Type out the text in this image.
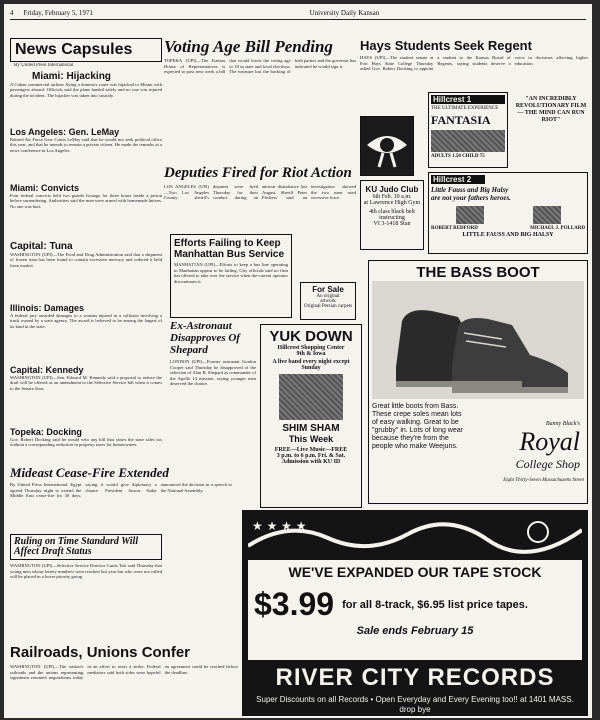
4 Friday, February 5, 1971	University Daily Kansan
News Capsules
By United Press International
Miami: Hijacking
A Cuban commercial airliner flying a domestic route was hijacked to Miami with passengers aboard. Officials said the plane landed safely and no one was injured during the incident. The hijacker was taken into custody.
Los Angeles: Gen. LeMay
Retired Air Force Gen. Curtis LeMay said that he would not seek political office this year, and that he intends to remain a private citizen. He made the remarks at a news conference in Los Angeles.
Miami: Convicts
Four federal convicts held two guards hostage for three hours inside a prison before surrendering. Authorities said the men were armed with homemade knives. No one was hurt.
Capital: Tuna
WASHINGTON (UPI)—The Food and Drug Administration said that a shipment of frozen tuna has been found to contain excessive mercury and ordered it held from market.
Illinois: Damages
A federal jury awarded damages to a woman injured in a collision involving a truck owned by a state agency. The award is believed to be among the largest of its kind in the state.
Capital: Kennedy
WASHINGTON (UPI)—Sen. Edward M. Kennedy said a proposal to reduce the draft will be offered as an amendment to the Selective Service bill when it comes to the Senate floor.
Topeka: Docking
Gov. Robert Docking said he would veto any bill that raises the state sales tax without a corresponding reduction in property taxes for homeowners.
Mideast Cease-Fire Extended
By United Press International. Egypt agreed Thursday night to extend the Middle East cease-fire for 30 days, saying it would give diplomacy a chance. President Anwar Sadat announced the decision in a speech to the National Assembly.
Ruling on Time Standard Will Affect Draft Status
WASHINGTON (UPI)—Selective Service Director Curtis Tarr said Thursday that young men whose lottery numbers were reached last year but who were not called will be placed in a lower priority group.
Railroads, Unions Confer
WASHINGTON (UPI)—The nation's railroads and the unions representing signalmen resumed negotiations today in an effort to avert a strike. Federal mediators said both sides were hopeful an agreement could be reached before the deadline.
Voting Age Bill Pending
TOPEKA (UPI)—The Kansas House of Representatives is expected to pass next week a bill that would lower the voting age to 18 in state and local elections. The measure has the backing of both parties and the governor has indicated he would sign it.
Hays Students Seek Regent
HAYS (UPI)—The student senate at Fort Hays State College Thursday asked Gov. Robert Docking to appoint a student to the Kansas Board of Regents, saying students deserve a voice in decisions affecting higher education.
KU Judo Club
6th Feb. 10 a.m.
at Lawrence High Gym
4th class black belt
instructing
VI 3-1418 Stan
Deputies Fired for Riot Action
LOS ANGELES (UPI)—Two Los Angeles County sheriff's deputies were fired Thursday for their conduct during an antiwar disturbance last August. Sheriff Peter Pitchess said an investigation showed the two men used excessive force.
Efforts Failing to Keep Manhattan Bus Service
MANHATTAN (UPI)—Efforts to keep a bus line operating in Manhattan appear to be failing. City officials said no firm has offered to take over the service when the current operator discontinues it.
For Sale
An original
artwork
Original Persian carpets
Ex-Astronaut Disapproves Of Shepard
LONDON (UPI)—Former astronaut Gordon Cooper said Thursday he disapproved of the selection of Alan B. Shepard as commander of the Apollo 14 mission, saying younger men deserved the chance.
YUK DOWN
Hillcrest Shopping Center
9th & Iowa
A live band every night except Sunday
SHIM SHAM
This Week
FREE—Live Music—FREE
3 p.m. to 6 p.m. Fri. & Sat.
Admission with KU ID
Hillcrest 1
THE ULTIMATE EXPERIENCE
FANTASIA
ADULTS 1.50 CHILD 75
"AN INCREDIBLY REVOLUTIONARY FILM — THE MIND CAN RUN RIOT"
Hillcrest 2
Little Fauss and Big Halsy
are not your fathers heroes.
ROBERT REDFORD	MICHAEL J. POLLARD
LITTLE FAUSS AND BIG HALSY
THE BASS BOOT
Great little boots from Bass. These crepe soles mean lots of easy walking. Great to be "grubby" in. Lots of long wear because they're from the people who make Weejuns.
Bunny Black's
Royal
College Shop
Eight Thirty-Seven Massachusetts Street
★ ★ ★ ★
WE'VE EXPANDED OUR TAPE STOCK
$3.99 for all 8-track, $6.95 list price tapes.
Sale ends February 15
RIVER CITY RECORDS
Super Discounts on all Records • Open Everyday and Every Evening too!! at 1401 MASS. drop bye
